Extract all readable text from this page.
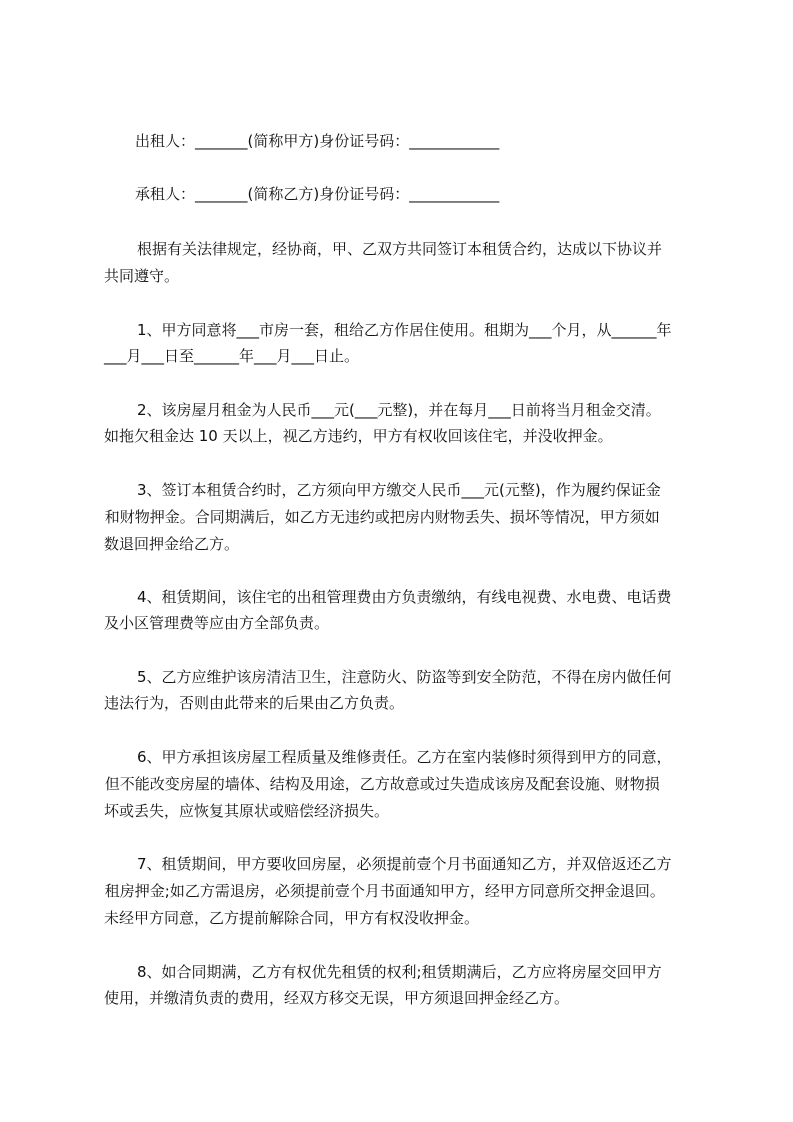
出租人：_______(简称甲方)身份证号码：____________
承租人：_______(简称乙方)身份证号码：____________
根据有关法律规定，经协商，甲、乙双方共同签订本租赁合约，达成以下协议并
共同遵守。
1、甲方同意将___市房一套，租给乙方作居住使用。租期为___个月，从______年
___月___日至______年___月___日止。
2、该房屋月租金为人民币___元(___元整)，并在每月___日前将当月租金交清。
如拖欠租金达 10 天以上，视乙方违约，甲方有权收回该住宅，并没收押金。
3、签订本租赁合约时，乙方须向甲方缴交人民币___元(元整)，作为履约保证金
和财物押金。合同期满后，如乙方无违约或把房内财物丢失、损坏等情况，甲方须如
数退回押金给乙方。
4、租赁期间，该住宅的出租管理费由方负责缴纳，有线电视费、水电费、电话费
及小区管理费等应由方全部负责。
5、乙方应维护该房清洁卫生，注意防火、防盗等到安全防范，不得在房内做任何
违法行为，否则由此带来的后果由乙方负责。
6、甲方承担该房屋工程质量及维修责任。乙方在室内装修时须得到甲方的同意，
但不能改变房屋的墙体、结构及用途，乙方故意或过失造成该房及配套设施、财物损
坏或丢失，应恢复其原状或赔偿经济损失。
7、租赁期间，甲方要收回房屋，必须提前壹个月书面通知乙方，并双倍返还乙方
租房押金;如乙方需退房，必须提前壹个月书面通知甲方，经甲方同意所交押金退回。
未经甲方同意，乙方提前解除合同，甲方有权没收押金。
8、如合同期满，乙方有权优先租赁的权利;租赁期满后，乙方应将房屋交回甲方
使用，并缴清负责的费用，经双方移交无误，甲方须退回押金经乙方。
